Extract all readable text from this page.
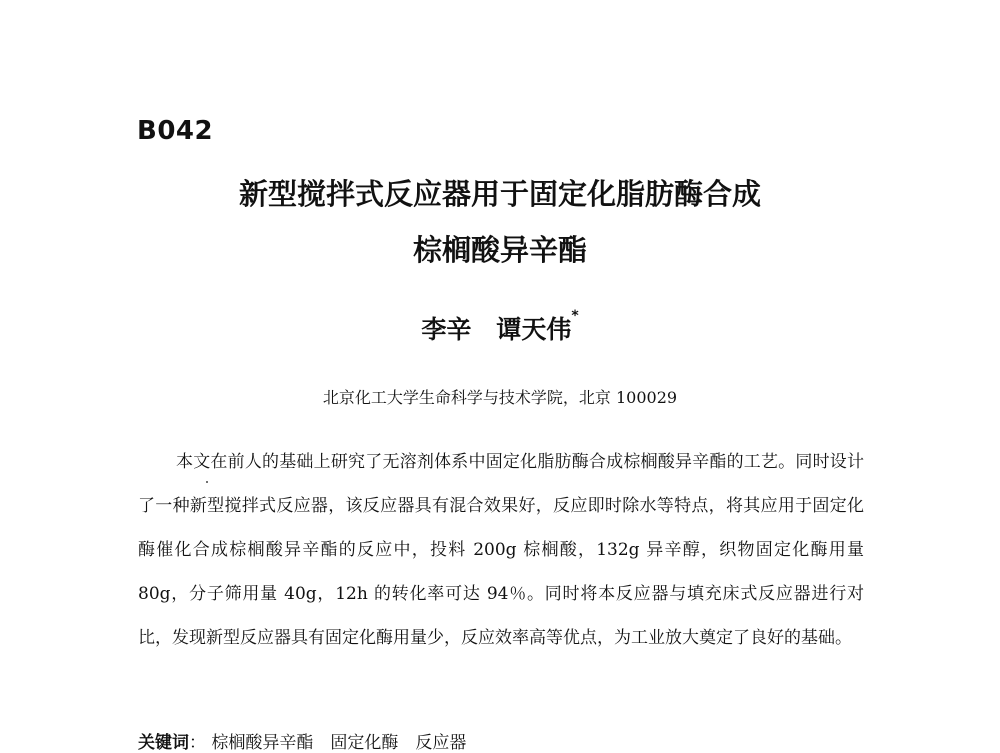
B042
新型搅拌式反应器用于固定化脂肪酶合成
棕榈酸异辛酯
李辛　谭天伟*
北京化工大学生命科学与技术学院，北京 100029

本文在前人的基础上研究了无溶剂体系中固定化脂肪酶合成棕榈酸异辛酯的工艺。同时设计了一种新型搅拌式反应器，该反应器具有混合效果好，反应即时除水等特点，将其应用于固定化酶催化合成棕榈酸异辛酯的反应中，投料 200g 棕榈酸，132g 异辛醇，织物固定化酶用量 80g，分子筛用量 40g，12h 的转化率可达 94％。同时将本反应器与填充床式反应器进行对比，发现新型反应器具有固定化酶用量少，反应效率高等优点，为工业放大奠定了良好的基础。

关键词： 棕榈酸异辛酯　固定化酶　反应器
